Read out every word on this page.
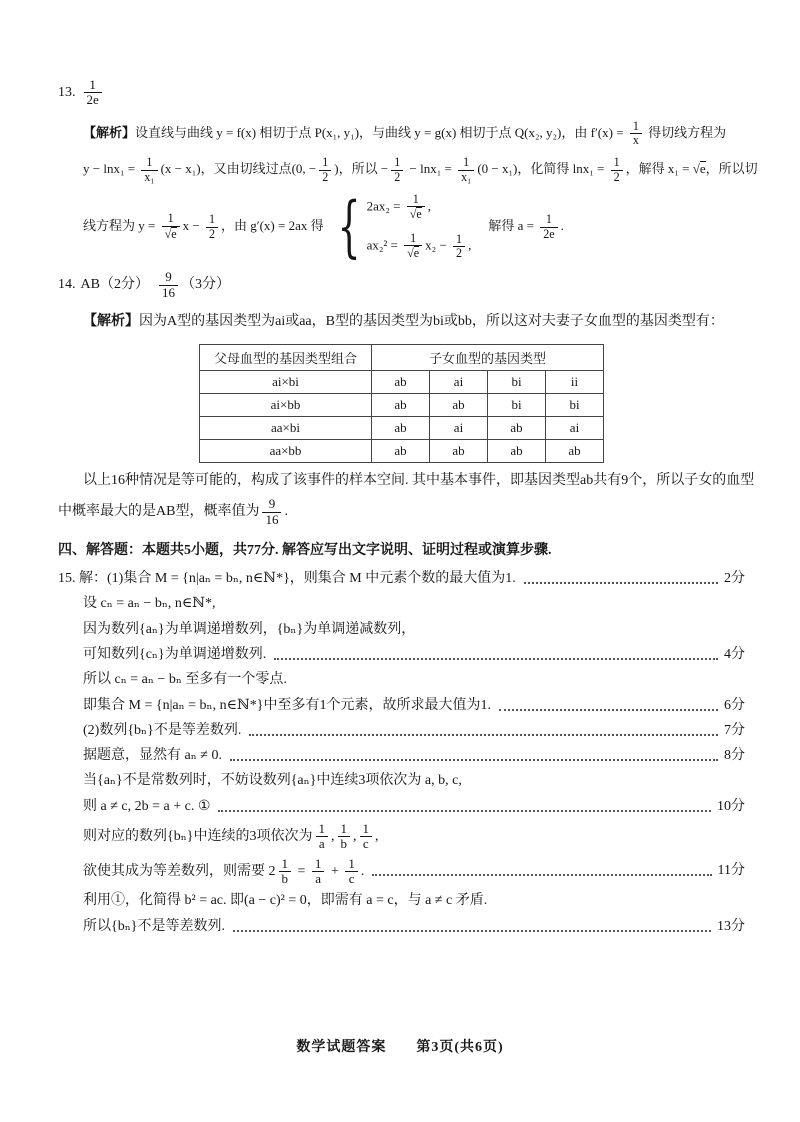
13. $\frac{1}{2e}$
【解析】设直线与曲线 y = f(x) 相切于点 P(x₁, y₁)，与曲线 y = g(x) 相切于点 Q(x₂, y₂)，由 $f'(x) = \frac{1}{x}$ 得切线方程为
$y - \ln x_1 = \frac{1}{\text{x₁}} (x - x_1)$，又由切线过点(0, − $\frac{1}{2}$ )，所以 − $\frac{1}{2} - \ln x_1 = \frac{1}{\text{x₁}} (0 - x_1)$，化简得 $\ln x_1 = \frac{1}{2}$ ，解得 x₁ = √e，所以切
线方程为 $y = \frac{1}{√e}$ $x - \frac{1}{2}$ ，由 g′(x) = 2ax 得 { $2ax_2 = \frac{1}{√e}$ ,
$ax_2^2 = \frac{1}{√e} x_2 - \frac{1}{2}$ ,
　解得 $a = \frac{1}{2e}$ .
14. AB（2分）　 $\frac{9}{16} (3$分）
【解析】因为A型的基因类型为ai或aa，B型的基因类型为bi或bb，所以这对夫妻子女血型的基因类型有：
父母血型的基因类型组合	子女血型的基因类型			
ai×bi	ab	ai	bi	ii
ai×bb	ab	ab	bi	bi
aa×bi	ab	ai	ab	ai
aa×bb	ab	ab	ab	ab
以上16种情况是等可能的，构成了该事件的样本空间. 其中基本事件，即基因类型ab共有9个，所以子女的血型
中概率最大的是AB型，概率值为 $\frac{9}{16}$ .
四、解答题：本题共5小题，共77分. 解答应写出文字说明、证明过程或演算步骤.
15. 解：(1)集合 M = {n|aₙ = bₙ, n∈ℕ*}，则集合 M 中元素个数的最大值为1.	2分
设 cₙ = aₙ − bₙ, n∈ℕ*,
因为数列{aₙ}为单调递增数列，{bₙ}为单调递减数列，
可知数列{cₙ}为单调递增数列.	4分
所以 cₙ = aₙ − bₙ 至多有一个零点.
即集合 M = {n|aₙ = bₙ, n∈ℕ*}中至多有1个元素，故所求最大值为1.	6分
(2)数列{bₙ}不是等差数列.	7分
据题意，显然有 aₙ ≠ 0.	8分
当{aₙ}不是常数列时，不妨设数列{aₙ}中连续3项依次为 a, b, c,
则 a ≠ c, 2b = a + c. ①	10分
则对应的数列{bₙ}中连续的3项依次为 $\frac{1}{a}$ , $\frac{1}{b}$ , $\frac{1}{c}$ ,
欲使其成为等差数列，则需要 $2 \frac{1}{b} = \frac{1}{a} + \frac{1}{c}$ .	11分
利用①，化简得 b² = ac. 即(a − c)² = 0，即需有 a = c，与 a ≠ c 矛盾.
所以{bₙ}不是等差数列.	13分
数学试题答案　　第3页(共6页)
